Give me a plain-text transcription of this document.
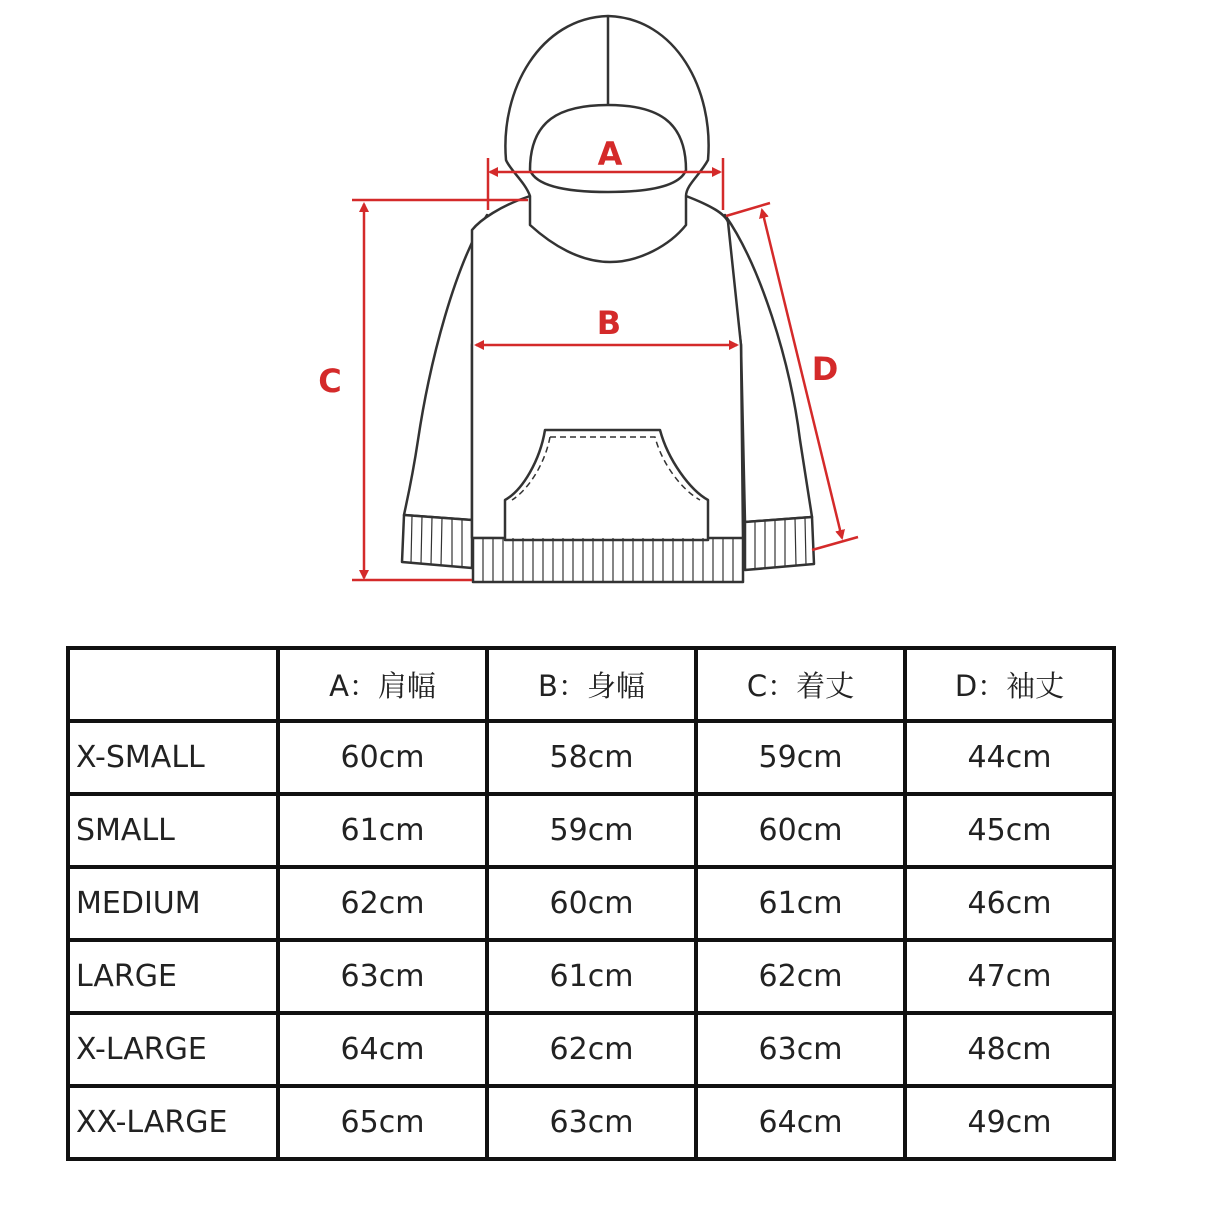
A
B
C	D
	A：肩幅	B：身幅	C：着丈	D：袖丈
X-SMALL	60cm	58cm	59cm	44cm
SMALL	61cm	59cm	60cm	45cm
MEDIUM	62cm	60cm	61cm	46cm
LARGE	63cm	61cm	62cm	47cm
X-LARGE	64cm	62cm	63cm	48cm
XX-LARGE	65cm	63cm	64cm	49cm
